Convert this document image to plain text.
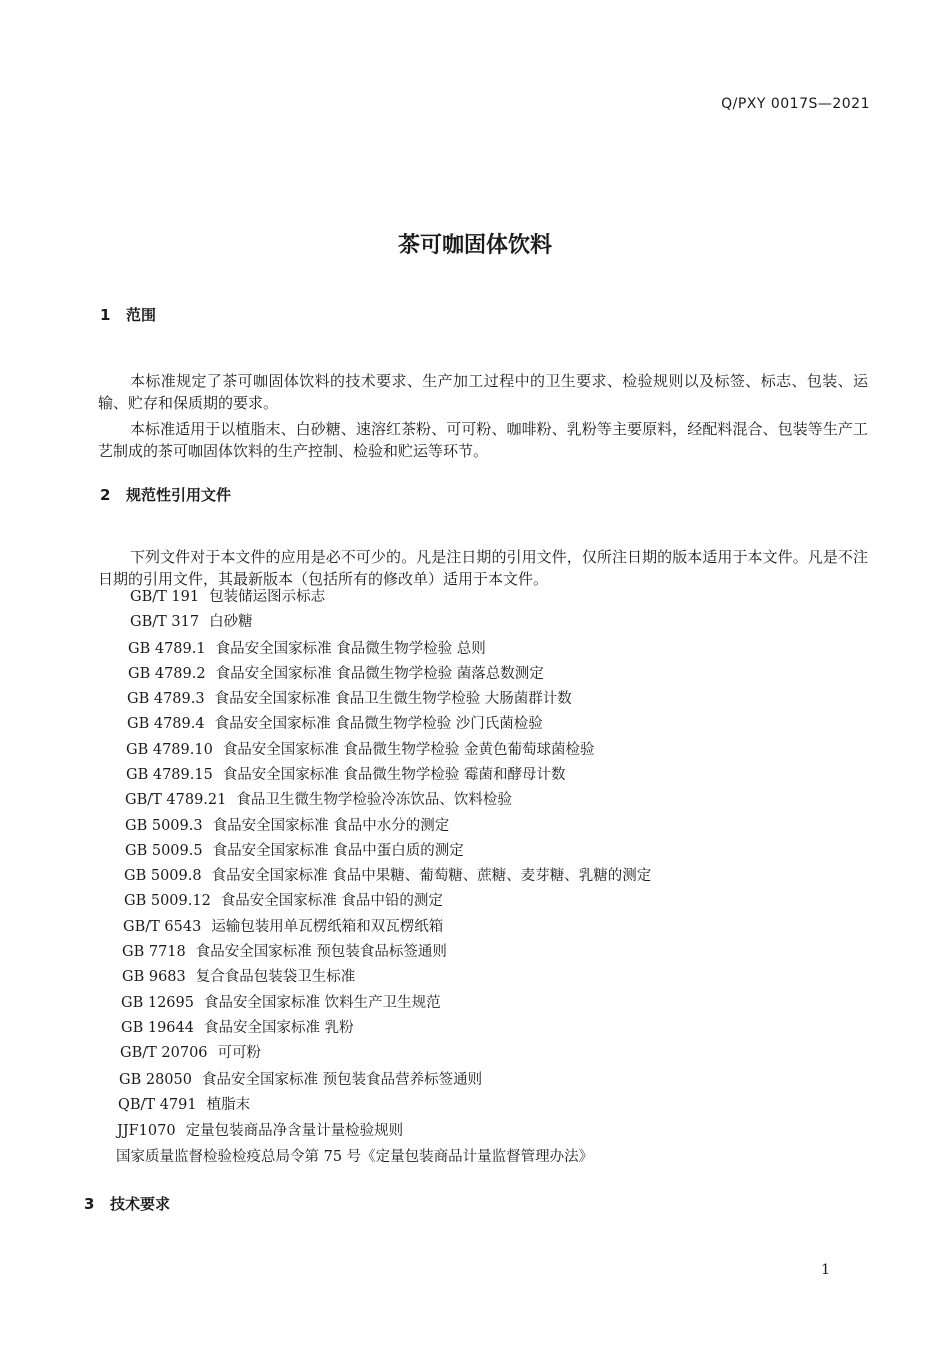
Q/PXY 0017S—2021
茶可咖固体饮料
1 范围
本标准规定了茶可咖固体饮料的技术要求、生产加工过程中的卫生要求、检验规则以及标签、标志、包装、运输、贮存和保质期的要求。
本标准适用于以植脂末、白砂糖、速溶红茶粉、可可粉、咖啡粉、乳粉等主要原料，经配料混合、包装等生产工艺制成的茶可咖固体饮料的生产控制、检验和贮运等环节。
2 规范性引用文件
下列文件对于本文件的应用是必不可少的。凡是注日期的引用文件，仅所注日期的版本适用于本文件。凡是不注日期的引用文件，其最新版本（包括所有的修改单）适用于本文件。
GB/T 191 包装储运图示标志
GB/T 317 白砂糖
GB 4789.1 食品安全国家标准 食品微生物学检验 总则
GB 4789.2 食品安全国家标准 食品微生物学检验 菌落总数测定
GB 4789.3 食品安全国家标准 食品卫生微生物学检验 大肠菌群计数
GB 4789.4 食品安全国家标准 食品微生物学检验 沙门氏菌检验
GB 4789.10 食品安全国家标准 食品微生物学检验 金黄色葡萄球菌检验
GB 4789.15 食品安全国家标准 食品微生物学检验 霉菌和酵母计数
GB/T 4789.21 食品卫生微生物学检验冷冻饮品、饮料检验
GB 5009.3 食品安全国家标准 食品中水分的测定
GB 5009.5 食品安全国家标准 食品中蛋白质的测定
GB 5009.8 食品安全国家标准 食品中果糖、葡萄糖、蔗糖、麦芽糖、乳糖的测定
GB 5009.12 食品安全国家标准 食品中铅的测定
GB/T 6543 运输包装用单瓦楞纸箱和双瓦楞纸箱
GB 7718 食品安全国家标准 预包装食品标签通则
GB 9683 复合食品包装袋卫生标准
GB 12695 食品安全国家标准 饮料生产卫生规范
GB 19644 食品安全国家标准 乳粉
GB/T 20706 可可粉
GB 28050 食品安全国家标准 预包装食品营养标签通则
QB/T 4791 植脂末
JJF1070 定量包装商品净含量计量检验规则
国家质量监督检验检疫总局令第 75 号《定量包装商品计量监督管理办法》
3 技术要求
1
